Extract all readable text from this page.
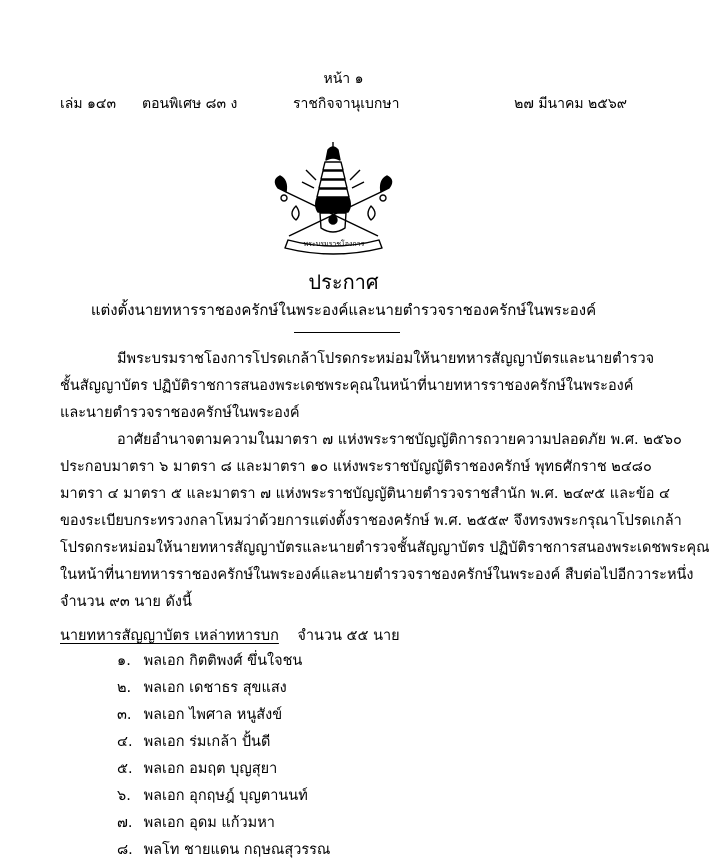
หน้า ๑
เล่ม ๑๔๓ ตอนพิเศษ ๘๓ ง	ราชกิจจานุเบกษา	๒๗ มีนาคม ๒๕๖๙
พระบรมราชโองการ
ประกาศ
แต่งตั้งนายทหารราชองครักษ์ในพระองค์และนายตำรวจราชองครักษ์ในพระองค์
มีพระบรมราชโองการโปรดเกล้าโปรดกระหม่อมให้นายทหารสัญญาบัตรและนายตำรวจ
ชั้นสัญญาบัตร ปฏิบัติราชการสนองพระเดชพระคุณในหน้าที่นายทหารราชองครักษ์ในพระองค์
และนายตำรวจราชองครักษ์ในพระองค์
อาศัยอำนาจตามความในมาตรา ๗ แห่งพระราชบัญญัติการถวายความปลอดภัย พ.ศ. ๒๕๖๐
ประกอบมาตรา ๖ มาตรา ๘ และมาตรา ๑๐ แห่งพระราชบัญญัติราชองครักษ์ พุทธศักราช ๒๔๘๐
มาตรา ๔ มาตรา ๕ และมาตรา ๗ แห่งพระราชบัญญัตินายตำรวจราชสำนัก พ.ศ. ๒๔๙๕ และข้อ ๔
ของระเบียบกระทรวงกลาโหมว่าด้วยการแต่งตั้งราชองครักษ์ พ.ศ. ๒๕๕๙ จึงทรงพระกรุณาโปรดเกล้า
โปรดกระหม่อมให้นายทหารสัญญาบัตรและนายตำรวจชั้นสัญญาบัตร ปฏิบัติราชการสนองพระเดชพระคุณ
ในหน้าที่นายทหารราชองครักษ์ในพระองค์และนายตำรวจราชองครักษ์ในพระองค์ สืบต่อไปอีกวาระหนึ่ง
จำนวน ๙๓ นาย ดังนี้
นายทหารสัญญาบัตร เหล่าทหารบก จำนวน ๕๕ นาย
๑. พลเอก กิตติพงศ์ ขึ่นใจชน
๒. พลเอก เดชาธร สุขแสง
๓. พลเอก ไพศาล หนูสังข์
๔. พลเอก ร่มเกล้า ปั้นดี
๕. พลเอก อมฤต บุญสุยา
๖. พลเอก อุกฤษฎ์ บุญตานนท์
๗. พลเอก อุดม แก้วมหา
๘. พลโท ชายแดน กฤษณสุวรรณ
